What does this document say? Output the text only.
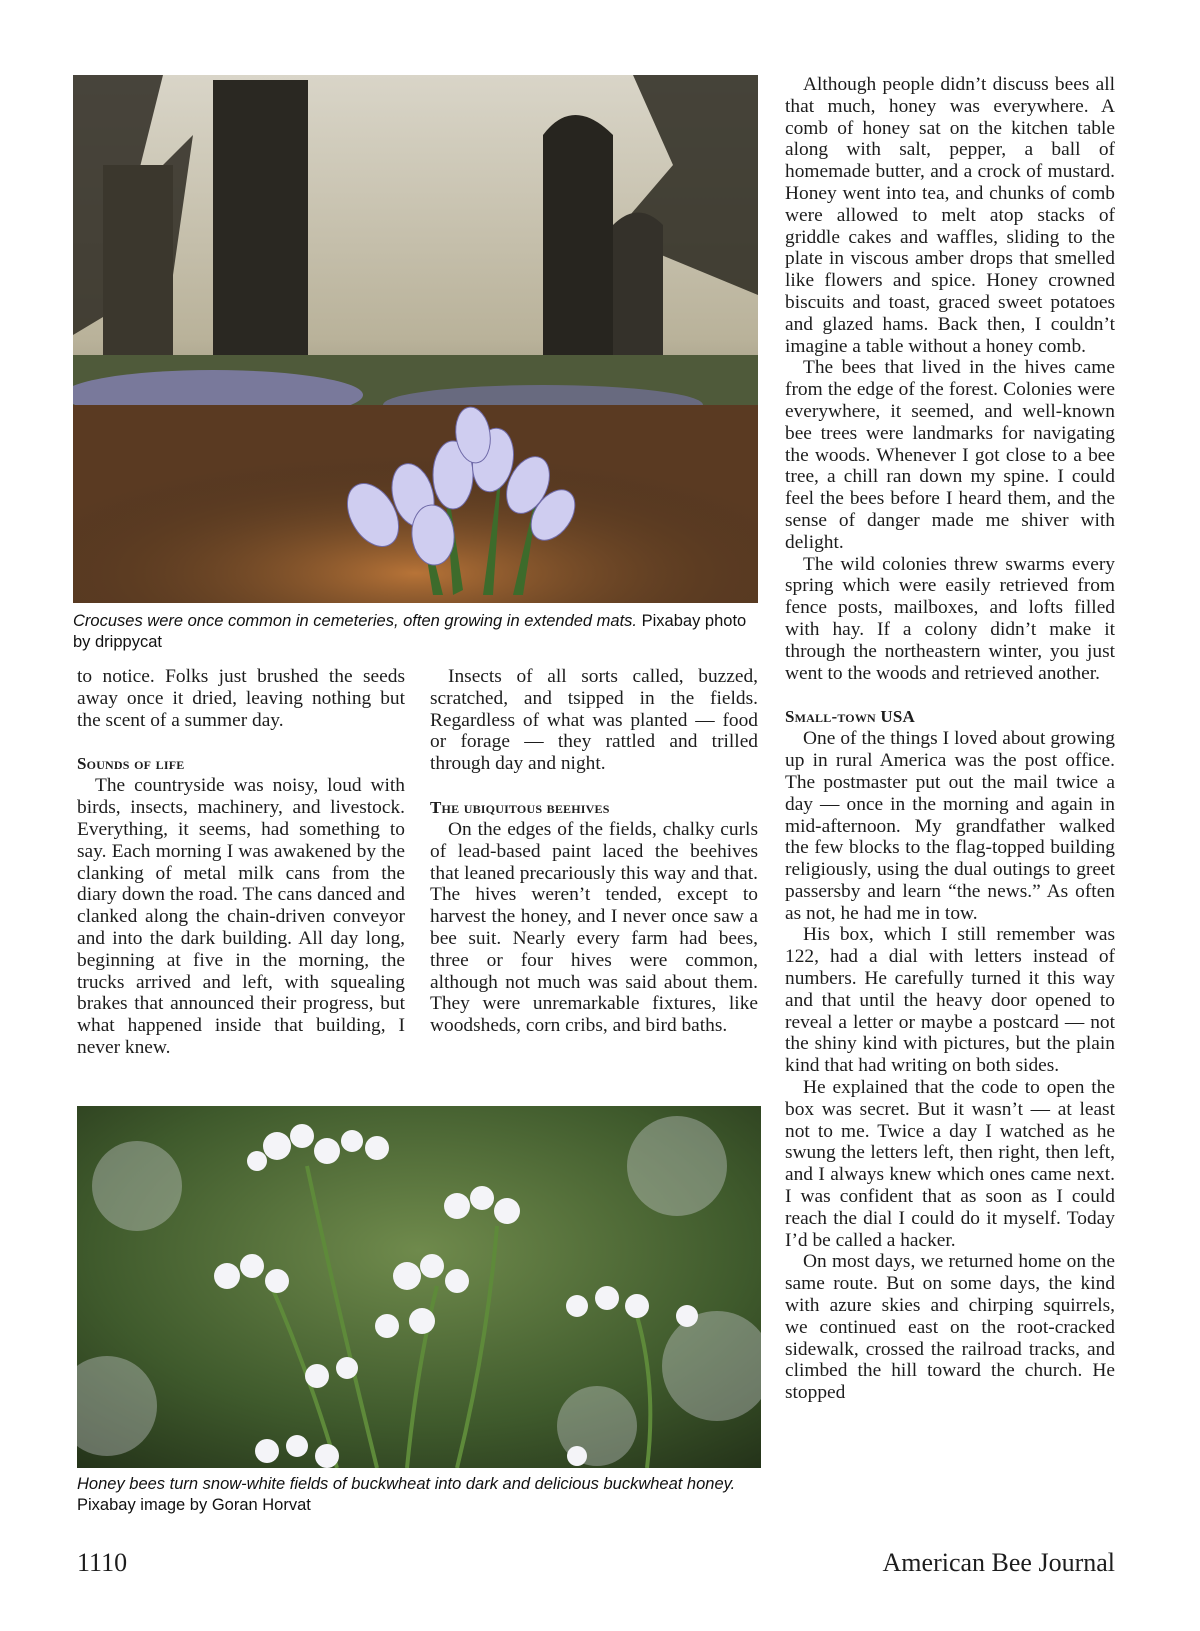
Crocuses were once common in cemeteries, often growing in extended mats. Pixabay photo by drippycat

to notice. Folks just brushed the seeds away once it dried, leaving nothing but the scent of a summer day.

Sounds of life

The countryside was noisy, loud with birds, insects, machinery, and livestock. Everything, it seems, had something to say. Each morning I was awakened by the clanking of metal milk cans from the diary down the road. The cans danced and clanked along the chain-driven conveyor and into the dark building. All day long, beginning at five in the morning, the trucks arrived and left, with squealing brakes that announced their progress, but what happened inside that building, I never knew.

Insects of all sorts called, buzzed, scratched, and tsipped in the fields. Regardless of what was planted — food or forage — they rattled and trilled through day and night.

The ubiquitous beehives

On the edges of the fields, chalky curls of lead-based paint laced the beehives that leaned precariously this way and that. The hives weren’t tended, except to harvest the honey, and I never once saw a bee suit. Nearly every farm had bees, three or four hives were common, although not much was said about them. They were unremarkable fixtures, like woodsheds, corn cribs, and bird baths.

Honey bees turn snow-white fields of buckwheat into dark and delicious buckwheat honey. Pixabay image by Goran Horvat

Although people didn’t discuss bees all that much, honey was everywhere. A comb of honey sat on the kitchen table along with salt, pepper, a ball of homemade butter, and a crock of mustard. Honey went into tea, and chunks of comb were allowed to melt atop stacks of griddle cakes and waffles, sliding to the plate in viscous amber drops that smelled like flowers and spice. Honey crowned biscuits and toast, graced sweet potatoes and glazed hams. Back then, I couldn’t imagine a table without a honey comb.

The bees that lived in the hives came from the edge of the forest. Colonies were everywhere, it seemed, and well-known bee trees were landmarks for navigating the woods. Whenever I got close to a bee tree, a chill ran down my spine. I could feel the bees before I heard them, and the sense of danger made me shiver with delight.

The wild colonies threw swarms every spring which were easily retrieved from fence posts, mailboxes, and lofts filled with hay. If a colony didn’t make it through the northeastern winter, you just went to the woods and retrieved another.

Small-town USA

One of the things I loved about growing up in rural America was the post office. The postmaster put out the mail twice a day — once in the morning and again in mid-afternoon. My grandfather walked the few blocks to the flag-topped building religiously, using the dual outings to greet passersby and learn “the news.” As often as not, he had me in tow.

His box, which I still remember was 122, had a dial with letters instead of numbers. He carefully turned it this way and that until the heavy door opened to reveal a letter or maybe a postcard — not the shiny kind with pictures, but the plain kind that had writing on both sides.

He explained that the code to open the box was secret. But it wasn’t — at least not to me. Twice a day I watched as he swung the letters left, then right, then left, and I always knew which ones came next. I was confident that as soon as I could reach the dial I could do it myself. Today I’d be called a hacker.

On most days, we returned home on the same route. But on some days, the kind with azure skies and chirping squirrels, we continued east on the root-cracked sidewalk, crossed the railroad tracks, and climbed the hill toward the church. He stopped

1110	American Bee Journal
